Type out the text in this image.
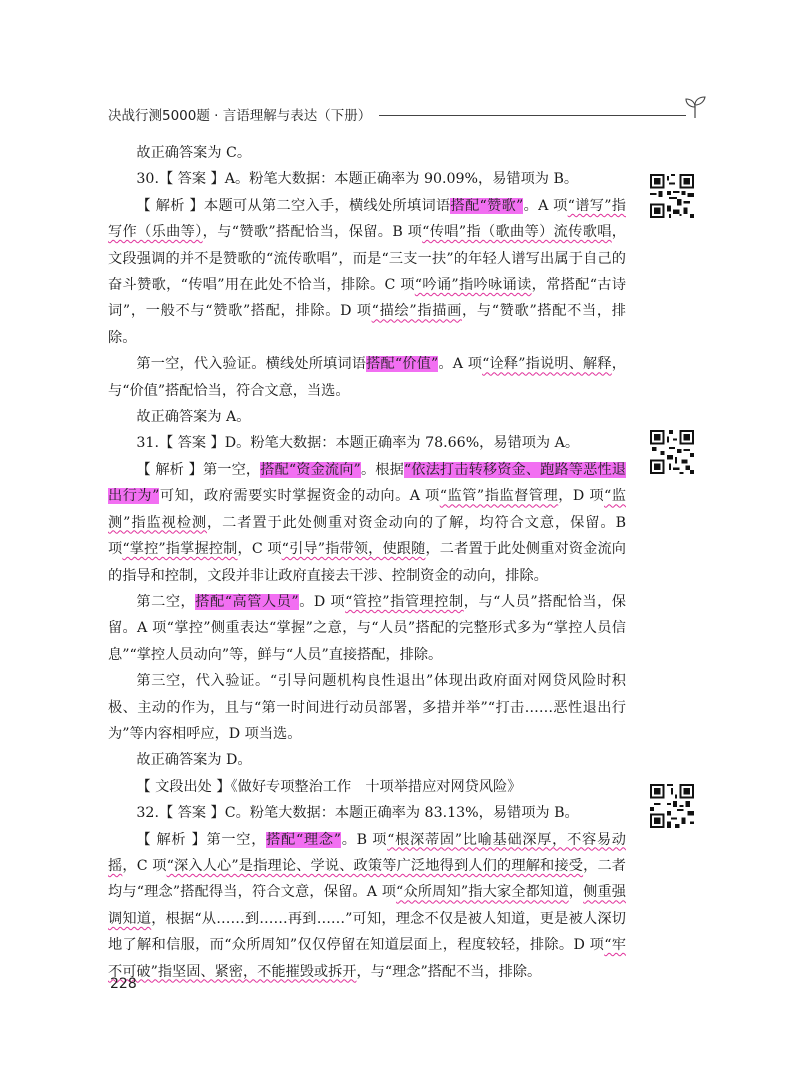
决战行测5000题 · 言语理解与表达（下册）

故正确答案为 C。

30.【 答案 】A。粉笔大数据：本题正确率为 90.09%，易错项为 B。

【 解析 】本题可从第二空入手，横线处所填词语搭配“赞歌”。A 项“谱写”指写作（乐曲等），与“赞歌”搭配恰当，保留。B 项“传唱”指（歌曲等）流传歌唱，文段强调的并不是赞歌的“流传歌唱”，而是“三支一扶”的年轻人谱写出属于自己的奋斗赞歌，“传唱”用在此处不恰当，排除。C 项“吟诵”指吟咏诵读，常搭配“古诗词”，一般不与“赞歌”搭配，排除。D 项“描绘”指描画，与“赞歌”搭配不当，排除。

第一空，代入验证。横线处所填词语搭配“价值”。A 项“诠释”指说明、解释，与“价值”搭配恰当，符合文意，当选。

故正确答案为 A。

31.【 答案 】D。粉笔大数据：本题正确率为 78.66%，易错项为 A。

【 解析 】第一空，搭配“资金流向”。根据“依法打击转移资金、跑路等恶性退出行为”可知，政府需要实时掌握资金的动向。A 项“监管”指监督管理，D 项“监测”指监视检测，二者置于此处侧重对资金动向的了解，均符合文意，保留。B 项“掌控”指掌握控制，C 项“引导”指带领，使跟随，二者置于此处侧重对资金流向的指导和控制，文段并非让政府直接去干涉、控制资金的动向，排除。

第二空，搭配“高管人员”。D 项“管控”指管理控制，与“人员”搭配恰当，保留。A 项“掌控”侧重表达“掌握”之意，与“人员”搭配的完整形式多为“掌控人员信息”“掌控人员动向”等，鲜与“人员”直接搭配，排除。

第三空，代入验证。“引导问题机构良性退出”体现出政府面对网贷风险时积极、主动的作为，且与“第一时间进行动员部署，多措并举”“打击……恶性退出行为”等内容相呼应，D 项当选。

故正确答案为 D。

【 文段出处 】《做好专项整治工作　十项举措应对网贷风险》

32.【 答案 】C。粉笔大数据：本题正确率为 83.13%，易错项为 B。

【 解析 】第一空，搭配“理念”。B 项“根深蒂固”比喻基础深厚，不容易动摇，C 项“深入人心”是指理论、学说、政策等广泛地得到人们的理解和接受，二者均与“理念”搭配得当，符合文意，保留。A 项“众所周知”指大家全都知道，侧重强调知道，根据“从……到……再到……”可知，理念不仅是被人知道，更是被人深切地了解和信服，而“众所周知”仅仅停留在知道层面上，程度较轻，排除。D 项“牢不可破”指坚固、紧密，不能摧毁或拆开，与“理念”搭配不当，排除。

228
